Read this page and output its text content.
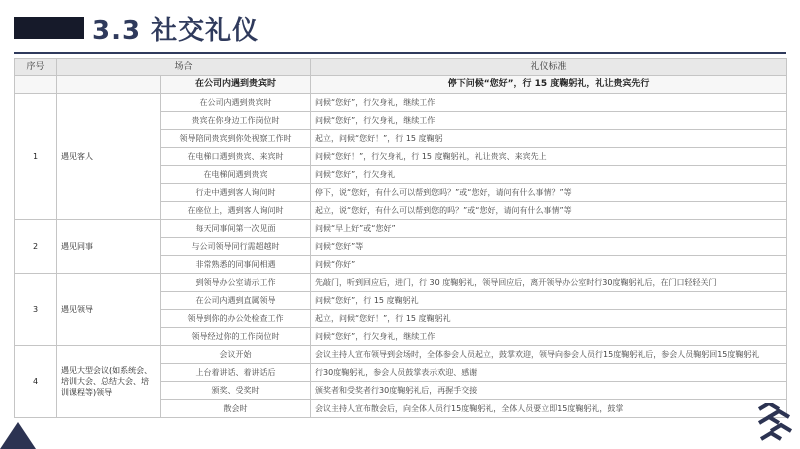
3.3 社交礼仪
序号	场合		礼仪标准
		在公司内遇到贵宾时	停下问候“您好”，行 15 度鞠躬礼，礼让贵宾先行
1	遇见客人	在公司内遇到贵宾时	问候“您好”，行欠身礼，继续工作
		贵宾在你身边工作岗位时	问候“您好”，行欠身礼，继续工作
		领导陪同贵宾到你处视察工作时	起立，问候“您好！”，行 15 度鞠躬
		在电梯口遇到贵宾、来宾时	问候“您好！”，行欠身礼，行 15 度鞠躬礼，礼让贵宾、来宾先上
		在电梯间遇到贵宾	问候“您好”，行欠身礼
		行走中遇到客人询问时	停下，说“您好，有什么可以帮到您吗？”或“您好，请问有什么事情？”等
		在座位上，遇到客人询问时	起立，说“您好，有什么可以帮到您的吗？”或“您好，请问有什么事情”等
2	遇见同事	每天同事间第一次见面	问候“早上好”或“您好”
		与公司领导同行需超越时	问候“您好”等
		非常熟悉的同事间相遇	问候“你好”
3	遇见领导	到领导办公室请示工作	先敲门，听到回应后，进门，行 30 度鞠躬礼，领导回应后，离开领导办公室时行30度鞠躬礼后，在门口轻轻关门
		在公司内遇到直属领导	问候“您好”，行 15 度鞠躬礼
		领导到你的办公处检查工作	起立，问候“您好！”，行 15 度鞠躬礼
		领导经过你的工作岗位时	问候“您好”，行欠身礼，继续工作
4	遇见大型会议(如系统会、培训大会、总结大会、培训课程等)领导	会议开始	会议主持人宣布领导到会场时，全体参会人员起立，鼓掌欢迎，领导向参会人员行15度鞠躬礼后，参会人员鞠躬回15度鞠躬礼
		上台着讲话、着讲话后	行30度鞠躬礼，参会人员鼓掌表示欢迎、感谢
		颁奖、受奖时	颁奖者和受奖者行30度鞠躬礼后，再握手交接
		散会时	会议主持人宣布散会后，向全体人员行15度鞠躬礼，全体人员要立即15度鞠躬礼，鼓掌
